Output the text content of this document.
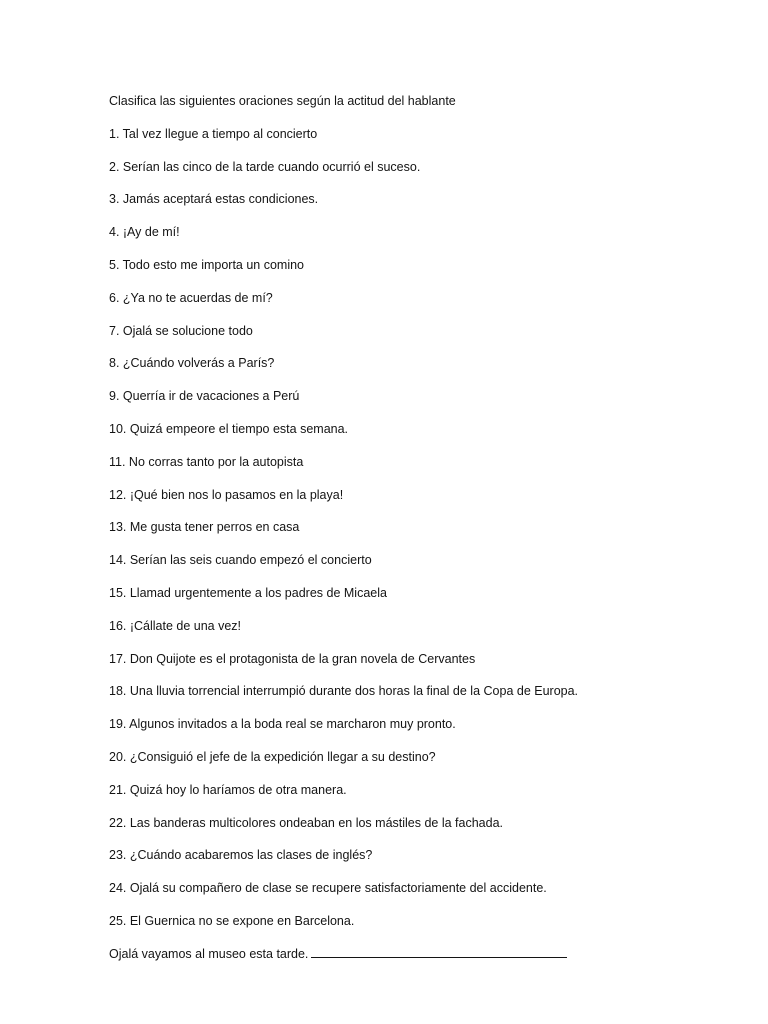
Clasifica las siguientes oraciones según la actitud del hablante
1. Tal vez llegue a tiempo al concierto
2. Serían las cinco de la tarde cuando ocurrió el suceso.
3. Jamás aceptará estas condiciones.
4. ¡Ay de mí!
5. Todo esto me importa un comino
6. ¿Ya no te acuerdas de mí?
7. Ojalá se solucione todo
8. ¿Cuándo volverás a París?
9. Querría ir de vacaciones a Perú
10. Quizá empeore el tiempo esta semana.
11. No corras tanto por la autopista
12. ¡Qué bien nos lo pasamos en la playa!
13. Me gusta tener perros en casa
14. Serían las seis cuando empezó el concierto
15. Llamad urgentemente a los padres de Micaela
16. ¡Cállate de una vez!
17. Don Quijote es el protagonista de la gran novela de Cervantes
18. Una lluvia torrencial interrumpió durante dos horas la final de la Copa de Europa.
19. Algunos invitados a la boda real se marcharon muy pronto.
20. ¿Consiguió el jefe de la expedición llegar a su destino?
21. Quizá hoy lo haríamos de otra manera.
22. Las banderas multicolores ondeaban en los mástiles de la fachada.
23. ¿Cuándo acabaremos las clases de inglés?
24. Ojalá su compañero de clase se recupere satisfactoriamente del accidente.
25. El Guernica no se expone en Barcelona.
Ojalá vayamos al museo esta tarde.
